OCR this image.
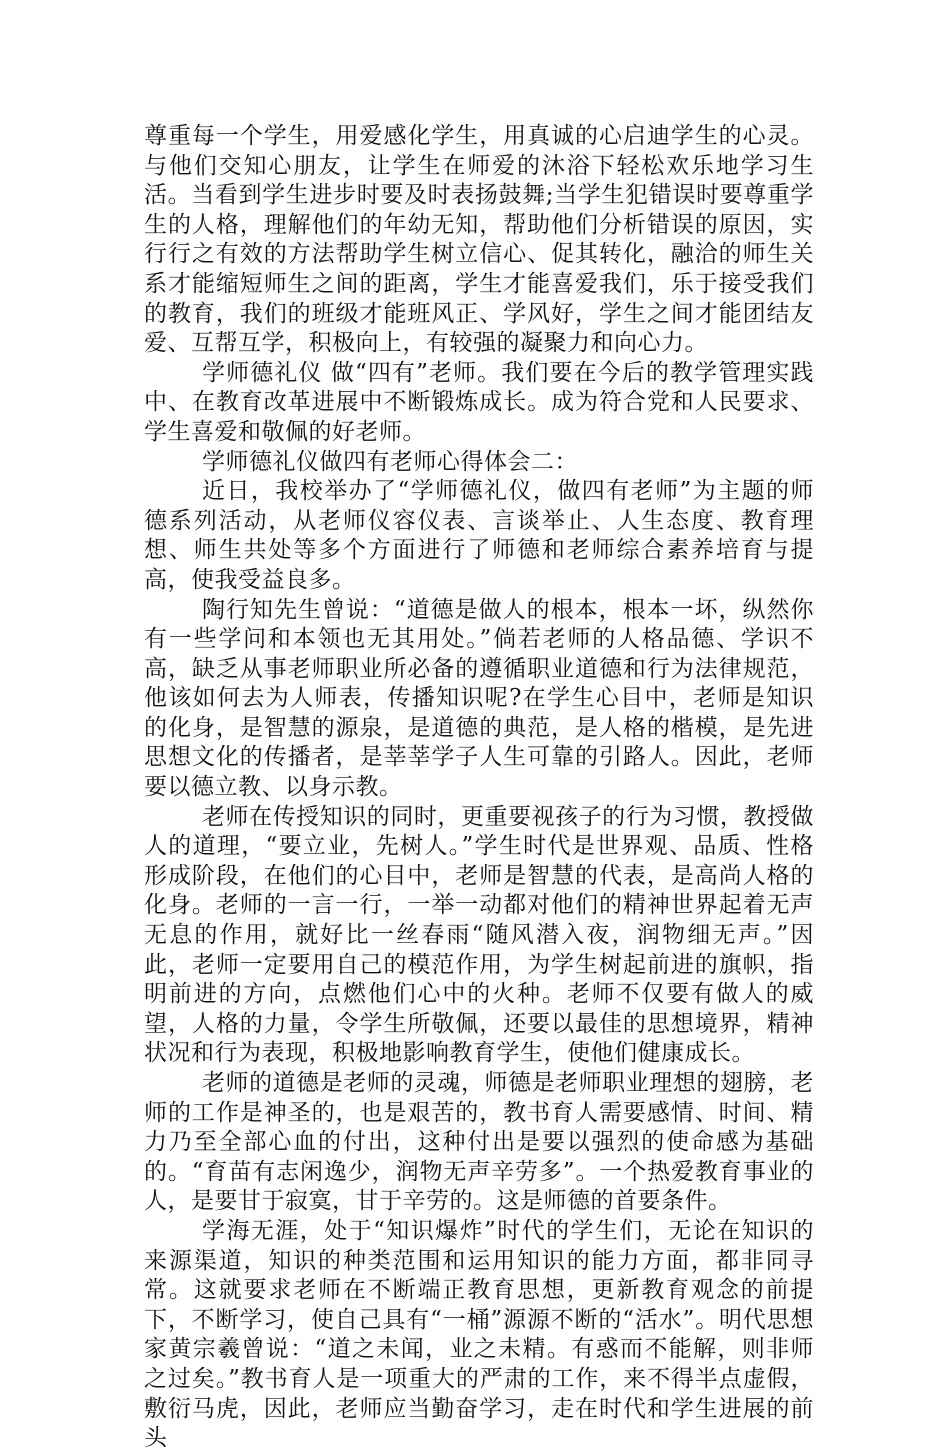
尊重每一个学生，用爱感化学生，用真诚的心启迪学生的心灵。与他们交知心朋友，让学生在师爱的沐浴下轻松欢乐地学习生活。当看到学生进步时要及时表扬鼓舞;当学生犯错误时要尊重学生的人格，理解他们的年幼无知，帮助他们分析错误的原因，实行行之有效的方法帮助学生树立信心、促其转化，融洽的师生关系才能缩短师生之间的距离，学生才能喜爱我们，乐于接受我们的教育，我们的班级才能班风正、学风好，学生之间才能团结友爱、互帮互学，积极向上，有较强的凝聚力和向心力。

学师德礼仪 做“四有”老师。我们要在今后的教学管理实践中、在教育改革进展中不断锻炼成长。成为符合党和人民要求、学生喜爱和敬佩的好老师。

学师德礼仪做四有老师心得体会二：

近日，我校举办了“学师德礼仪，做四有老师”为主题的师德系列活动，从老师仪容仪表、言谈举止、人生态度、教育理想、师生共处等多个方面进行了师德和老师综合素养培育与提高，使我受益良多。

陶行知先生曾说：“道德是做人的根本，根本一坏，纵然你有一些学问和本领也无其用处。”倘若老师的人格品德、学识不高，缺乏从事老师职业所必备的遵循职业道德和行为法律规范，他该如何去为人师表，传播知识呢?在学生心目中，老师是知识的化身，是智慧的源泉，是道德的典范，是人格的楷模，是先进思想文化的传播者，是莘莘学子人生可靠的引路人。因此，老师要以德立教、以身示教。

老师在传授知识的同时，更重要视孩子的行为习惯，教授做人的道理，“要立业，先树人。”学生时代是世界观、品质、性格形成阶段，在他们的心目中，老师是智慧的代表，是高尚人格的化身。老师的一言一行，一举一动都对他们的精神世界起着无声无息的作用，就好比一丝春雨“随风潜入夜，润物细无声。”因此，老师一定要用自己的模范作用，为学生树起前进的旗帜，指明前进的方向，点燃他们心中的火种。老师不仅要有做人的威望，人格的力量，令学生所敬佩，还要以最佳的思想境界，精神状况和行为表现，积极地影响教育学生，使他们健康成长。

老师的道德是老师的灵魂，师德是老师职业理想的翅膀，老师的工作是神圣的，也是艰苦的，教书育人需要感情、时间、精力乃至全部心血的付出，这种付出是要以强烈的使命感为基础的。“育苗有志闲逸少，润物无声辛劳多”。一个热爱教育事业的人，是要甘于寂寞，甘于辛劳的。这是师德的首要条件。

学海无涯，处于“知识爆炸”时代的学生们，无论在知识的来源渠道，知识的种类范围和运用知识的能力方面，都非同寻常。这就要求老师在不断端正教育思想，更新教育观念的前提下，不断学习，使自己具有“一桶”源源不断的“活水”。明代思想家黄宗羲曾说：“道之未闻，业之未精。有惑而不能解，则非师之过矣。”教书育人是一项重大的严肃的工作，来不得半点虚假，敷衍马虎，因此，老师应当勤奋学习，走在时代和学生进展的前头
